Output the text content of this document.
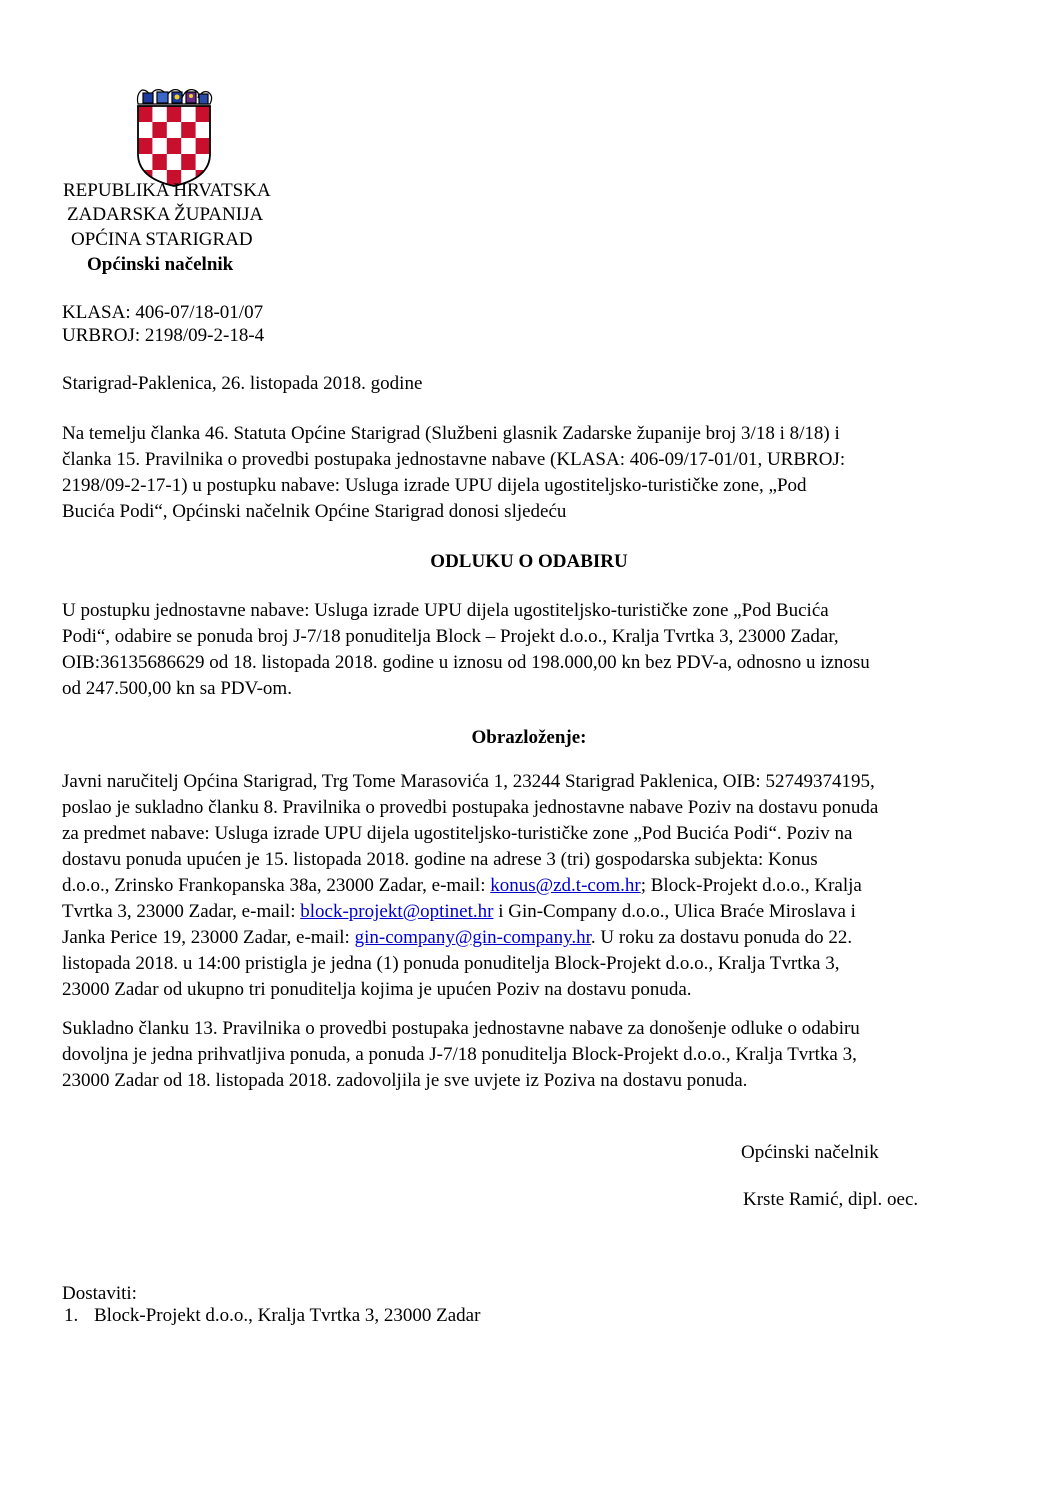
REPUBLIKA HRVATSKA
ZADARSKA ŽUPANIJA
OPĆINA STARIGRAD
Općinski načelnik
KLASA: 406-07/18-01/07
URBROJ: 2198/09-2-18-4
Starigrad-Paklenica, 26. listopada 2018. godine
Na temelju članka 46. Statuta Općine Starigrad (Službeni glasnik Zadarske županije broj 3/18 i 8/18) i
članka 15. Pravilnika o provedbi postupaka jednostavne nabave (KLASA: 406-09/17-01/01, URBROJ:
2198/09-2-17-1) u postupku nabave: Usluga izrade UPU dijela ugostiteljsko-turističke zone, „Pod
Bucića Podi“, Općinski načelnik Općine Starigrad donosi sljedeću
ODLUKU O ODABIRU
U postupku jednostavne nabave: Usluga izrade UPU dijela ugostiteljsko-turističke zone „Pod Bucića
Podi“, odabire se ponuda broj J-7/18 ponuditelja Block – Projekt d.o.o., Kralja Tvrtka 3, 23000 Zadar,
OIB:36135686629 od 18. listopada 2018. godine u iznosu od 198.000,00 kn bez PDV-a, odnosno u iznosu
od 247.500,00 kn sa PDV-om.
Obrazloženje:
Javni naručitelj Općina Starigrad, Trg Tome Marasovića 1, 23244 Starigrad Paklenica, OIB: 52749374195,
poslao je sukladno članku 8. Pravilnika o provedbi postupaka jednostavne nabave Poziv na dostavu ponuda
za predmet nabave: Usluga izrade UPU dijela ugostiteljsko-turističke zone „Pod Bucića Podi“. Poziv na
dostavu ponuda upućen je 15. listopada 2018. godine na adrese 3 (tri) gospodarska subjekta: Konus
d.o.o., Zrinsko Frankopanska 38a, 23000 Zadar, e-mail: konus@zd.t-com.hr; Block-Projekt d.o.o., Kralja
Tvrtka 3, 23000 Zadar, e-mail: block-projekt@optinet.hr i Gin-Company d.o.o., Ulica Braće Miroslava i
Janka Perice 19, 23000 Zadar, e-mail: gin-company@gin-company.hr. U roku za dostavu ponuda do 22.
listopada 2018. u 14:00 pristigla je jedna (1) ponuda ponuditelja Block-Projekt d.o.o., Kralja Tvrtka 3,
23000 Zadar od ukupno tri ponuditelja kojima je upućen Poziv na dostavu ponuda.
Sukladno članku 13. Pravilnika o provedbi postupaka jednostavne nabave za donošenje odluke o odabiru
dovoljna je jedna prihvatljiva ponuda, a ponuda J-7/18 ponuditelja Block-Projekt d.o.o., Kralja Tvrtka 3,
23000 Zadar od 18. listopada 2018. zadovoljila je sve uvjete iz Poziva na dostavu ponuda.
Općinski načelnik
Krste Ramić, dipl. oec.
Dostaviti:
1. Block-Projekt d.o.o., Kralja Tvrtka 3, 23000 Zadar
